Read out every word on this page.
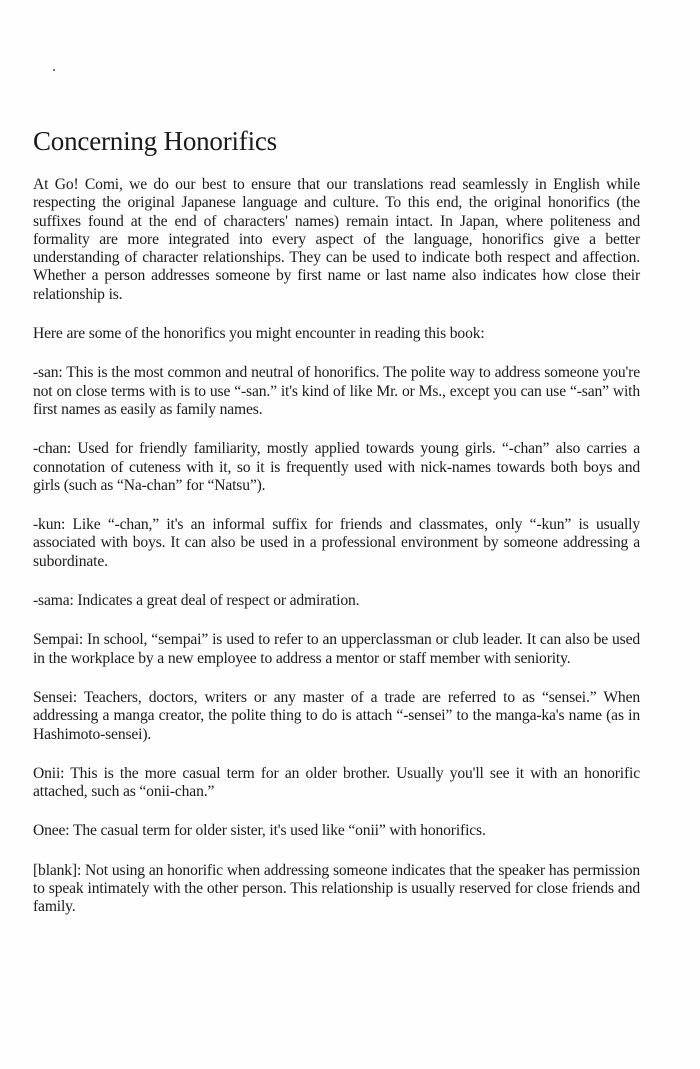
Concerning Honorifics

At Go! Comi, we do our best to ensure that our translations read seamlessly in English while respecting the original Japanese language and culture. To this end, the original honorifics (the suffixes found at the end of characters' names) remain intact. In Japan, where politeness and formality are more integrated into every aspect of the language, honorifics give a better understanding of character relationships. They can be used to indicate both respect and affection. Whether a person addresses someone by first name or last name also indicates how close their relationship is.

Here are some of the honorifics you might encounter in reading this book:

-san: This is the most common and neutral of honorifics. The polite way to address someone you're not on close terms with is to use “-san.” it's kind of like Mr. or Ms., except you can use “-san” with first names as easily as family names.

-chan: Used for friendly familiarity, mostly applied towards young girls. “-chan” also carries a connotation of cuteness with it, so it is frequently used with nick-names towards both boys and girls (such as “Na-chan” for “Natsu”).

-kun: Like “-chan,” it's an informal suffix for friends and classmates, only “-kun” is usually associated with boys. It can also be used in a professional environment by someone addressing a subordinate.

-sama: Indicates a great deal of respect or admiration.

Sempai: In school, “sempai” is used to refer to an upperclassman or club leader. It can also be used in the workplace by a new employee to address a mentor or staff member with seniority.

Sensei: Teachers, doctors, writers or any master of a trade are referred to as “sensei.” When addressing a manga creator, the polite thing to do is attach “-sensei” to the manga-ka's name (as in Hashimoto-sensei).

Onii: This is the more casual term for an older brother. Usually you'll see it with an honorific attached, such as “onii-chan.”

Onee: The casual term for older sister, it's used like “onii” with honorifics.

[blank]: Not using an honorific when addressing someone indicates that the speaker has permission to speak intimately with the other person. This relationship is usually reserved for close friends and family.
